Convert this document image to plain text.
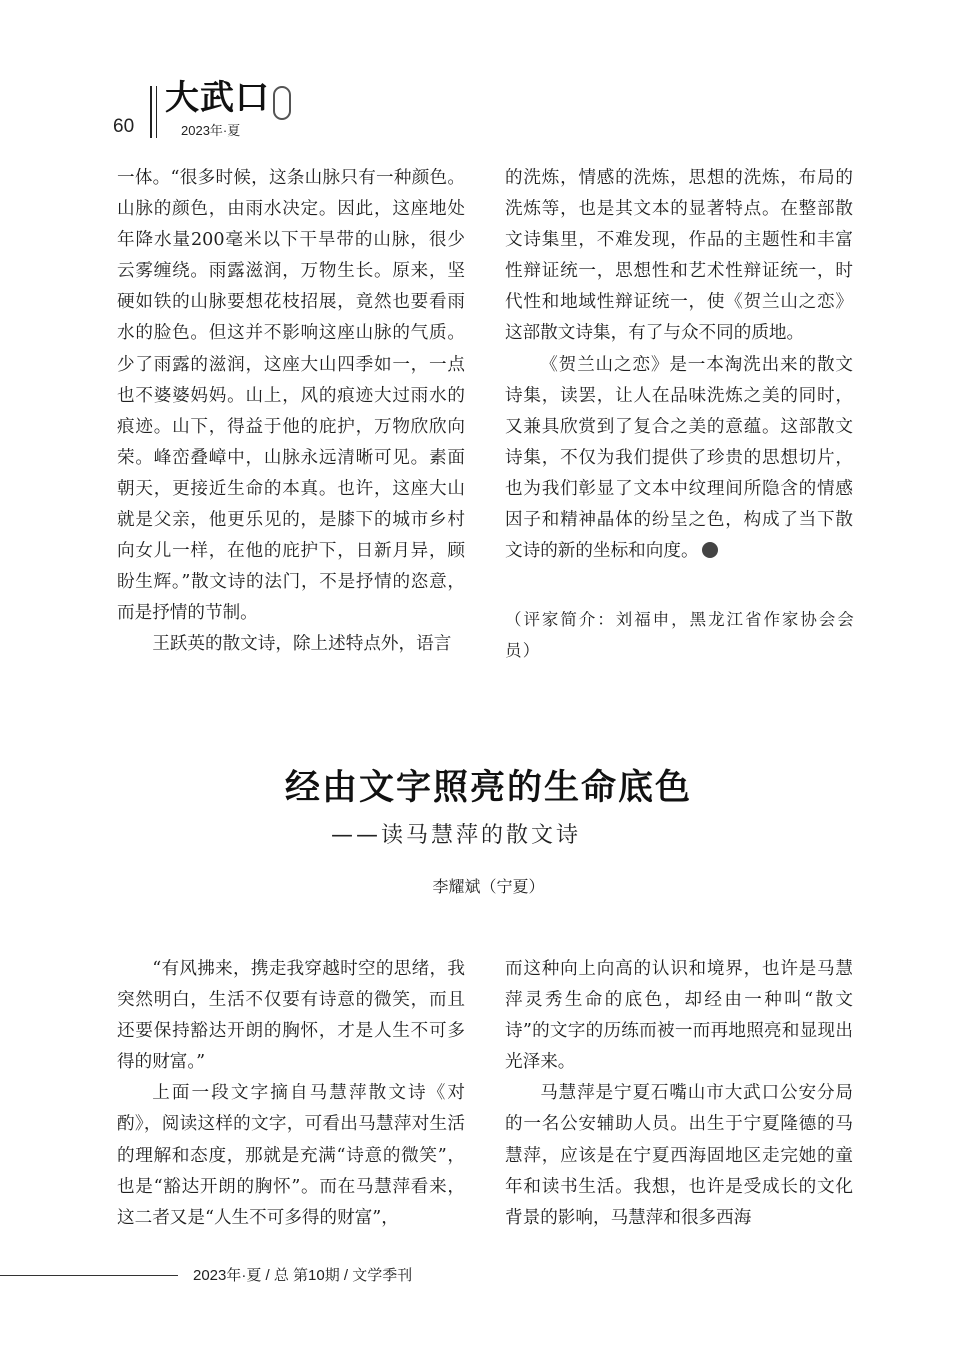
60
大武口
2023年·夏

一体。“很多时候，这条山脉只有一种颜色。山脉的颜色，由雨水决定。因此，这座地处年降水量200毫米以下干旱带的山脉，很少云雾缠绕。雨露滋润，万物生长。原来，坚硬如铁的山脉要想花枝招展，竟然也要看雨水的脸色。但这并不影响这座山脉的气质。少了雨露的滋润，这座大山四季如一，一点也不婆婆妈妈。山上，风的痕迹大过雨水的痕迹。山下，得益于他的庇护，万物欣欣向荣。峰峦叠嶂中，山脉永远清晰可见。素面朝天，更接近生命的本真。也许，这座大山就是父亲，他更乐见的，是膝下的城市乡村向女儿一样，在他的庇护下，日新月异，顾盼生辉。”散文诗的法门，不是抒情的恣意，而是抒情的节制。

王跃英的散文诗，除上述特点外，语言

的洗炼，情感的洗炼，思想的洗炼，布局的洗炼等，也是其文本的显著特点。在整部散文诗集里，不难发现，作品的主题性和丰富性辩证统一，思想性和艺术性辩证统一，时代性和地域性辩证统一，使《贺兰山之恋》这部散文诗集，有了与众不同的质地。

《贺兰山之恋》是一本淘洗出来的散文诗集，读罢，让人在品味洗炼之美的同时，又兼具欣赏到了复合之美的意蕴。这部散文诗集，不仅为我们提供了珍贵的思想切片，也为我们彰显了文本中纹理间所隐含的情感因子和精神晶体的纷呈之色，构成了当下散文诗的新的坐标和向度。

（评家简介：刘福申，黑龙江省作家协会会员）
经由文字照亮的生命底色
——读马慧萍的散文诗
李耀斌（宁夏）

“有风拂来，携走我穿越时空的思绪，我突然明白，生活不仅要有诗意的微笑，而且还要保持豁达开朗的胸怀，才是人生不可多得的财富。”

上面一段文字摘自马慧萍散文诗《对酌》，阅读这样的文字，可看出马慧萍对生活的理解和态度，那就是充满“诗意的微笑”，也是“豁达开朗的胸怀”。而在马慧萍看来，这二者又是“人生不可多得的财富”，

而这种向上向高的认识和境界，也许是马慧萍灵秀生命的底色，却经由一种叫“散文诗”的文字的历练而被一而再地照亮和显现出光泽来。

马慧萍是宁夏石嘴山市大武口公安分局的一名公安辅助人员。出生于宁夏隆德的马慧萍，应该是在宁夏西海固地区走完她的童年和读书生活。我想，也许是受成长的文化背景的影响，马慧萍和很多西海

2023年·夏 / 总 第10期 / 文学季刊
